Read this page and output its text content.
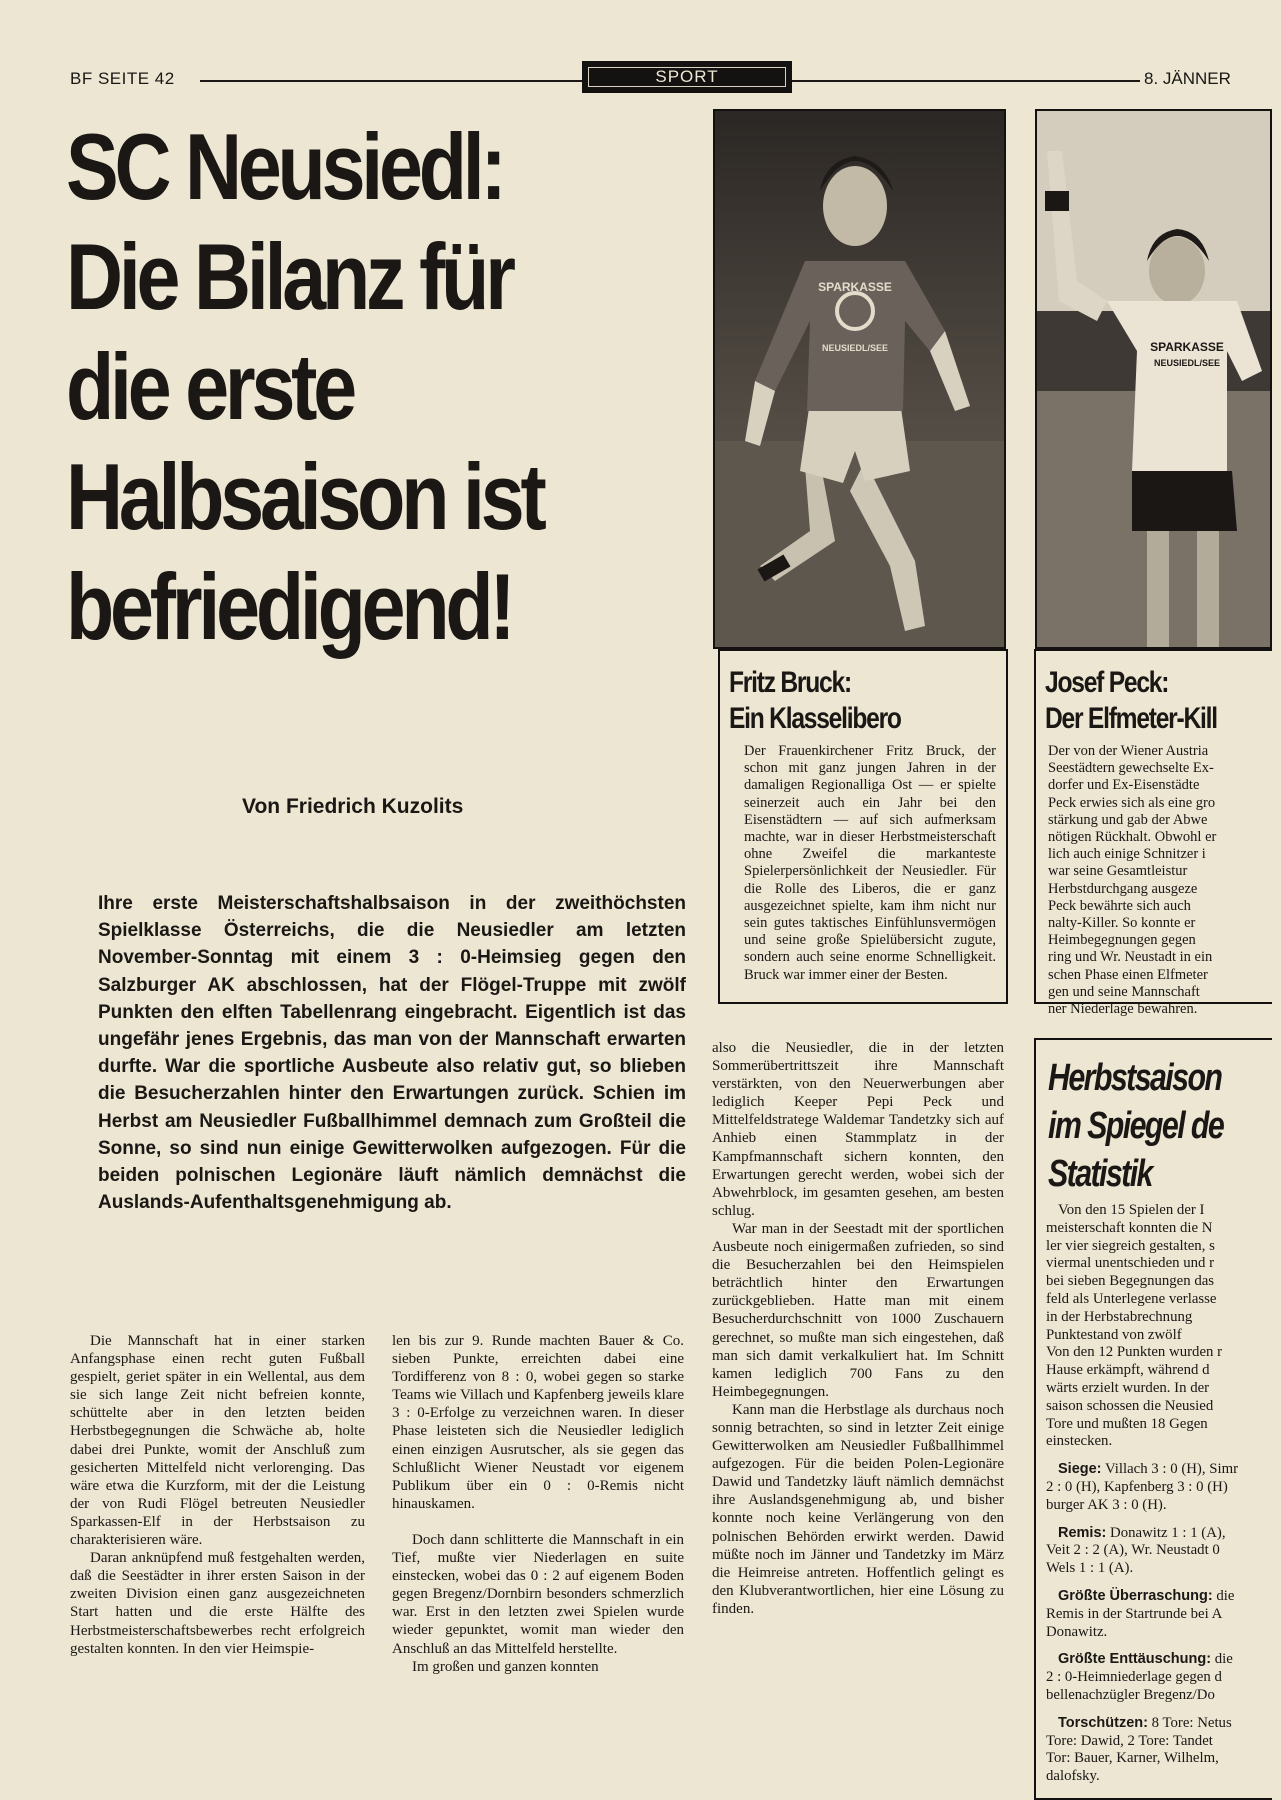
BF SEITE 42	SPORT	8. JÄNNER
SC Neusiedl:
Die Bilanz für
die erste
Halbsaison ist
befriedigend!
Von Friedrich Kuzolits
Ihre erste Meisterschaftshalbsaison in der zweithöchsten Spielklasse Österreichs, die die Neusiedler am letzten November-Sonntag mit einem 3 : 0-Heimsieg gegen den Salzburger AK abschlossen, hat der Flögel-Truppe mit zwölf Punkten den elften Tabellenrang eingebracht. Eigentlich ist das ungefähr jenes Ergebnis, das man von der Mannschaft erwarten durfte. War die sportliche Ausbeute also relativ gut, so blieben die Besucherzahlen hinter den Erwartungen zurück. Schien im Herbst am Neusiedler Fußballhimmel demnach zum Großteil die Sonne, so sind nun einige Gewitterwolken aufgezogen. Für die beiden polnischen Legionäre läuft nämlich demnächst die Auslands-Aufenthaltsgenehmigung ab.

Die Mannschaft hat in einer starken Anfangsphase einen recht guten Fußball gespielt, geriet später in ein Wellental, aus dem sie sich lange Zeit nicht befreien konnte, schüttelte aber in den letzten beiden Herbstbegegnungen die Schwäche ab, holte dabei drei Punkte, womit der Anschluß zum gesicherten Mittelfeld nicht verlorenging. Das wäre etwa die Kurzform, mit der die Leistung der von Rudi Flögel betreuten Neusiedler Sparkassen-Elf in der Herbstsaison zu charakterisieren wäre.

Daran anknüpfend muß festgehalten werden, daß die Seestädter in ihrer ersten Saison in der zweiten Division einen ganz ausgezeichneten Start hatten und die erste Hälfte des Herbstmeisterschaftsbewerbes recht erfolgreich gestalten konnten. In den vier Heimspie-

len bis zur 9. Runde machten Bauer & Co. sieben Punkte, erreichten dabei eine Tordifferenz von 8 : 0, wobei gegen so starke Teams wie Villach und Kapfenberg jeweils klare 3 : 0-Erfolge zu verzeichnen waren. In dieser Phase leisteten sich die Neusiedler lediglich einen einzigen Ausrutscher, als sie gegen das Schlußlicht Wiener Neustadt vor eigenem Publikum über ein 0 : 0-Remis nicht hinauskamen.

Doch dann schlitterte die Mannschaft in ein Tief, mußte vier Niederlagen en suite einstecken, wobei das 0 : 2 auf eigenem Boden gegen Bregenz/Dornbirn besonders schmerzlich war. Erst in den letzten zwei Spielen wurde wieder gepunktet, womit man wieder den Anschluß an das Mittelfeld herstellte.

Im großen und ganzen konnten

also die Neusiedler, die in der letzten Sommerübertrittszeit ihre Mannschaft verstärkten, von den Neuerwerbungen aber lediglich Keeper Pepi Peck und Mittelfeldstratege Waldemar Tandetzky sich auf Anhieb einen Stammplatz in der Kampfmannschaft sichern konnten, den Erwartungen gerecht werden, wobei sich der Abwehrblock, im gesamten gesehen, am besten schlug.

War man in der Seestadt mit der sportlichen Ausbeute noch einigermaßen zufrieden, so sind die Besucherzahlen bei den Heimspielen beträchtlich hinter den Erwartungen zurückgeblieben. Hatte man mit einem Besucherdurchschnitt von 1000 Zuschauern gerechnet, so mußte man sich eingestehen, daß man sich damit verkalkuliert hat. Im Schnitt kamen lediglich 700 Fans zu den Heimbegegnungen.

Kann man die Herbstlage als durchaus noch sonnig betrachten, so sind in letzter Zeit einige Gewitterwolken am Neusiedler Fußballhimmel aufgezogen. Für die beiden Polen-Legionäre Dawid und Tandetzky läuft nämlich demnächst ihre Auslandsgenehmigung ab, und bisher konnte noch keine Verlängerung von den polnischen Behörden erwirkt werden. Dawid müßte noch im Jänner und Tandetzky im März die Heimreise antreten. Hoffentlich gelingt es den Klubverantwortlichen, hier eine Lösung zu finden.

SPARKASSE
NEUSIEDL/SEE
Fritz Bruck:
Ein Klasselibero
Der Frauenkirchener Fritz Bruck, der schon mit ganz jungen Jahren in der damaligen Regionalliga Ost — er spielte seinerzeit auch ein Jahr bei den Eisenstädtern — auf sich aufmerksam machte, war in dieser Herbstmeisterschaft ohne Zweifel die markanteste Spielerpersönlichkeit der Neusiedler. Für die Rolle des Liberos, die er ganz ausgezeichnet spielte, kam ihm nicht nur sein gutes taktisches Einfühlunsvermögen und seine große Spielübersicht zugute, sondern auch seine enorme Schnelligkeit. Bruck war immer einer der Besten.
SPARKASSE
NEUSIEDL/SEE
Josef Peck:
Der Elfmeter-Kill
Der von der Wiener Austria
Seestädtern gewechselte Ex-
dorfer und Ex-Eisenstädte
Peck erwies sich als eine gro
stärkung und gab der Abwe
nötigen Rückhalt. Obwohl er
lich auch einige Schnitzer i
war seine Gesamtleistur
Herbstdurchgang ausgeze
Peck bewährte sich auch
nalty-Killer. So konnte er
Heimbegegnungen gegen
ring und Wr. Neustadt in ein
schen Phase einen Elfmeter
gen und seine Mannschaft
ner Niederlage bewahren.
Herbstsaison
im Spiegel de
Statistik
Von den 15 Spielen der I
meisterschaft konnten die N
ler vier siegreich gestalten, s
viermal unentschieden und r
bei sieben Begegnungen das
feld als Unterlegene verlasse
in der Herbstabrechnung
Punktestand von zwölf
Von den 12 Punkten wurden r
Hause erkämpft, während d
wärts erzielt wurden. In der
saison schossen die Neusied
Tore und mußten 18 Gegen
einstecken.
Siege: Villach 3 : 0 (H), Simr
2 : 0 (H), Kapfenberg 3 : 0 (H)
burger AK 3 : 0 (H).
Remis: Donawitz 1 : 1 (A),
Veit 2 : 2 (A), Wr. Neustadt 0
Wels 1 : 1 (A).
Größte Überraschung: die
Remis in der Startrunde bei A
Donawitz.
Größte Enttäuschung: die
2 : 0-Heimniederlage gegen d
bellenachzügler Bregenz/Do
Torschützen: 8 Tore: Netus
Tore: Dawid, 2 Tore: Tandet
Tor: Bauer, Karner, Wilhelm,
dalofsky.
